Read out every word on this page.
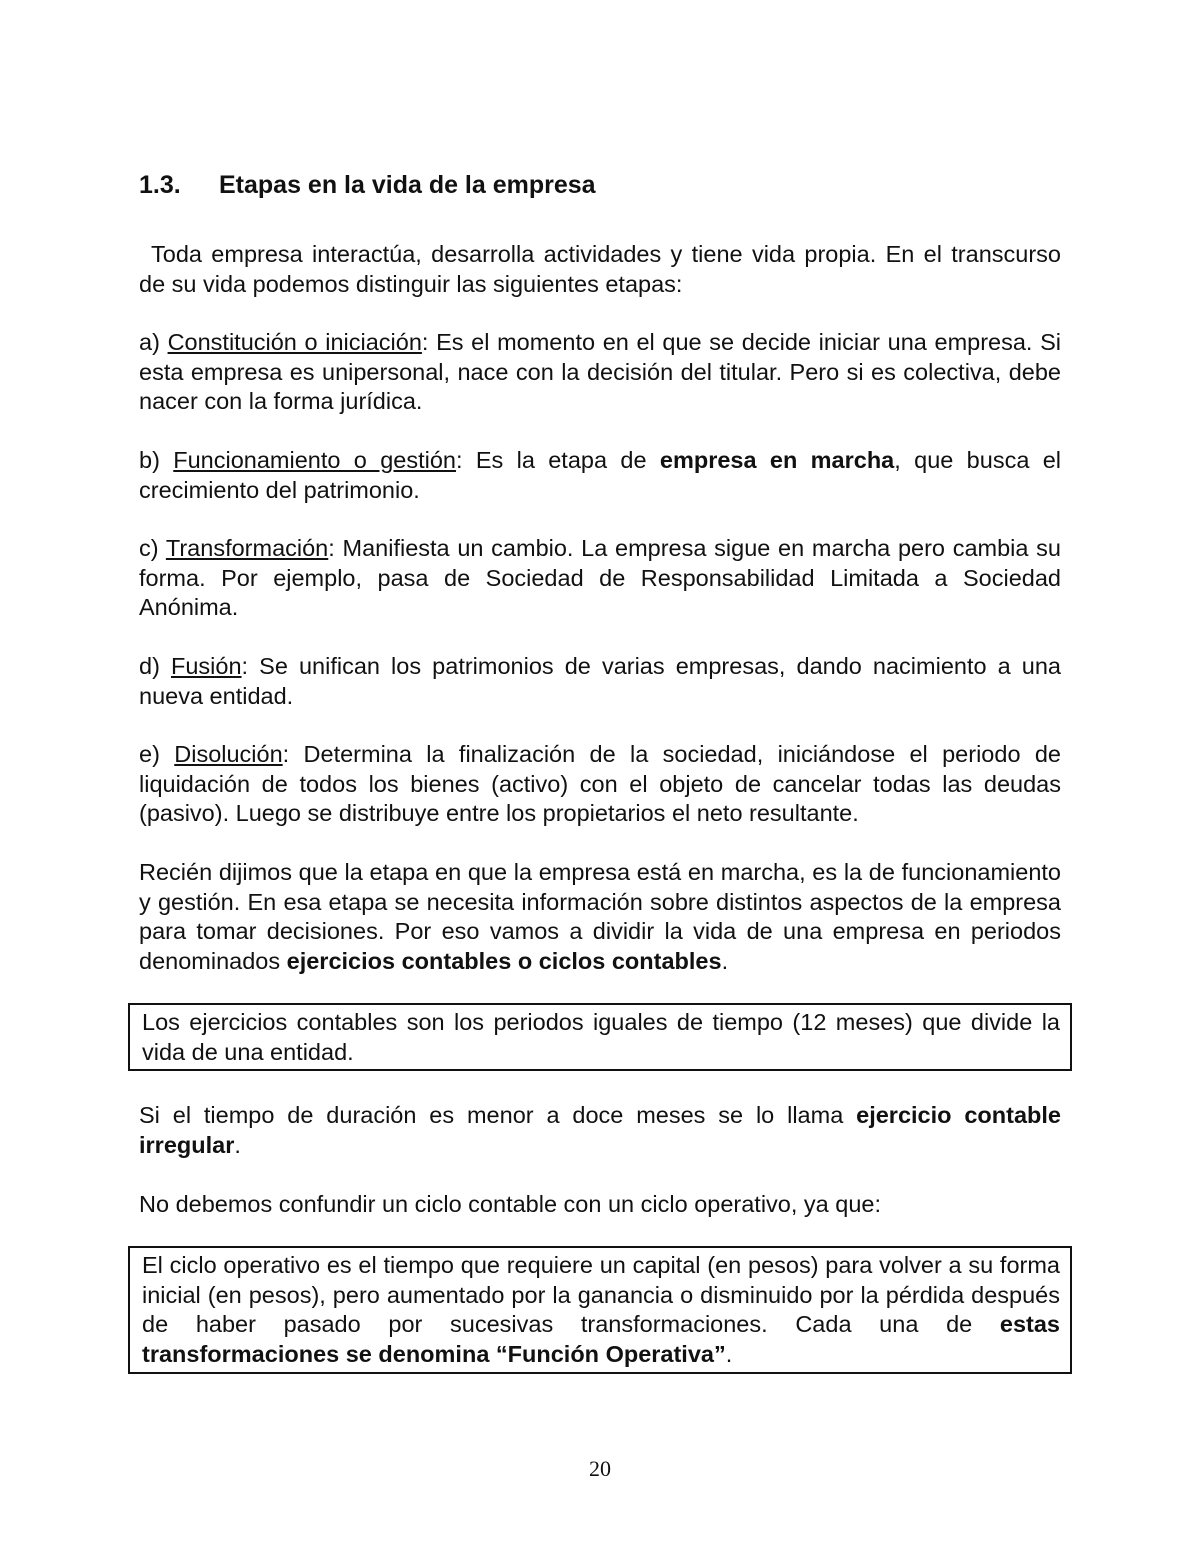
1.3.	Etapas en la vida de la empresa

Toda empresa interactúa, desarrolla actividades y tiene vida propia. En el transcurso de su vida podemos distinguir las siguientes etapas:

a) Constitución o iniciación: Es el momento en el que se decide iniciar una empresa. Si esta empresa es unipersonal, nace con la decisión del titular. Pero si es colectiva, debe nacer con la forma jurídica.

b) Funcionamiento o gestión: Es la etapa de empresa en marcha, que busca el crecimiento del patrimonio.

c) Transformación: Manifiesta un cambio. La empresa sigue en marcha pero cambia su forma. Por ejemplo, pasa de Sociedad de Responsabilidad Limitada a Sociedad Anónima.

d) Fusión: Se unifican los patrimonios de varias empresas, dando nacimiento a una nueva entidad.

e) Disolución: Determina la finalización de la sociedad, iniciándose el periodo de liquidación de todos los bienes (activo) con el objeto de cancelar todas las deudas (pasivo). Luego se distribuye entre los propietarios el neto resultante.

Recién dijimos que la etapa en que la empresa está en marcha, es la de funcionamiento y gestión. En esa etapa se necesita información sobre distintos aspectos de la empresa para tomar decisiones. Por eso vamos a dividir la vida de una empresa en periodos denominados ejercicios contables o ciclos contables.

Los ejercicios contables son los periodos iguales de tiempo (12 meses) que divide la vida de una entidad.

Si el tiempo de duración es menor a doce meses se lo llama ejercicio contable irregular.

No debemos confundir un ciclo contable con un ciclo operativo, ya que:

El ciclo operativo es el tiempo que requiere un capital (en pesos) para volver a su forma inicial (en pesos), pero aumentado por la ganancia o disminuido por la pérdida después de haber pasado por sucesivas transformaciones. Cada una de estas transformaciones se denomina “Función Operativa”.

20
